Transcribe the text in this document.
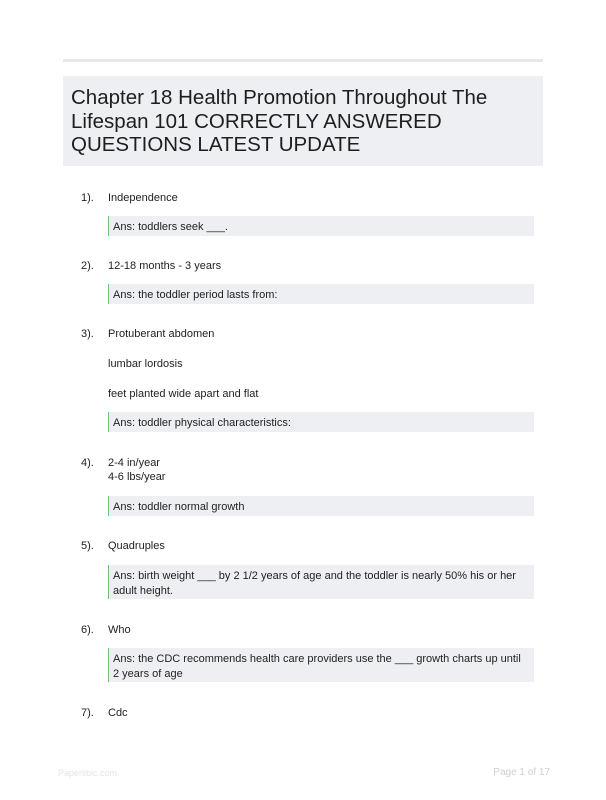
Chapter 18 Health Promotion Throughout The Lifespan 101 CORRECTLY ANSWERED QUESTIONS LATEST UPDATE
1). Independence
Ans: toddlers seek ___.
2). 12-18 months - 3 years
Ans: the toddler period lasts from:
3). Protuberant abdomen
lumbar lordosis
feet planted wide apart and flat
Ans: toddler physical characteristics:
4). 2-4 in/year
4-6 lbs/year
Ans: toddler normal growth
5). Quadruples
Ans: birth weight ___ by 2 1/2 years of age and the toddler is nearly 50% his or her adult height.
6). Who
Ans: the CDC recommends health care providers use the ___ growth charts up until 2 years of age
7). Cdc
Paperlibic.com	Page 1 of 17
